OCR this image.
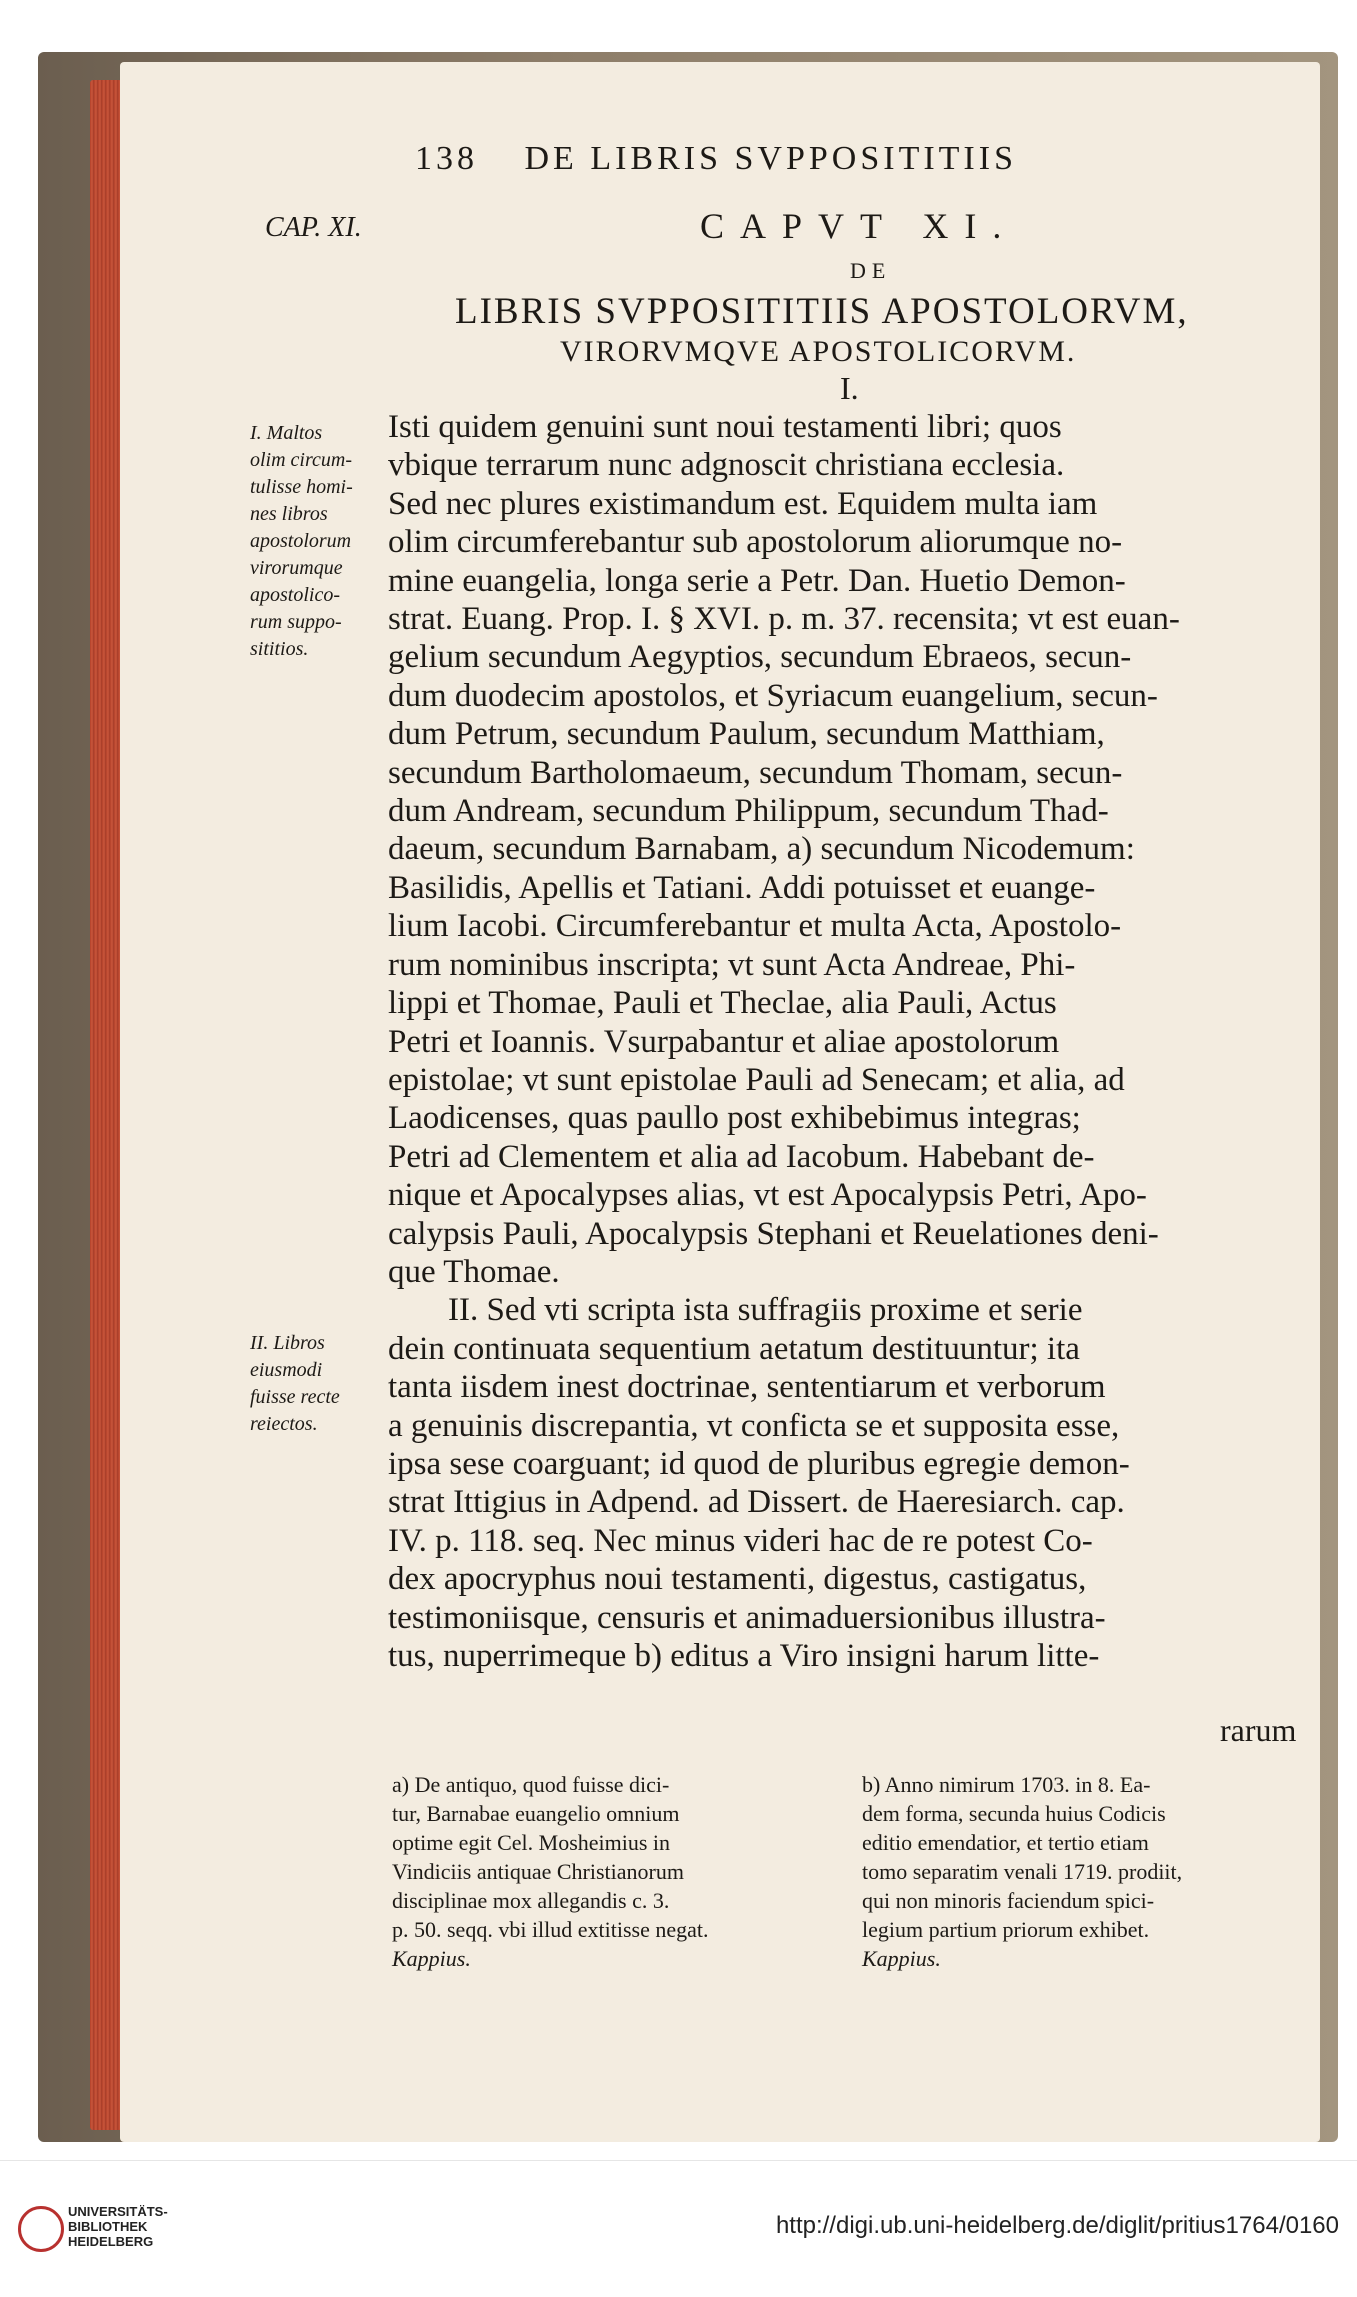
138 DE LIBRIS SVPPOSITITIIS
CAP. XI.	CAPVT XI.
DE
LIBRIS SVPPOSITITIIS APOSTOLORVM,
VIRORVMQVE APOSTOLICORVM.
I.
I. Maltos
olim circum-
tulisse homi-
nes libros
apostolorum
virorumque
apostolico-
rum suppo-
sititios.
II. Libros
eiusmodi
fuisse recte
reiectos.
Isti quidem genuini sunt noui testamenti libri; quos
vbique terrarum nunc adgnoscit christiana ecclesia.
Sed nec plures existimandum est. Equidem multa iam
olim circumferebantur sub apostolorum aliorumque no-
mine euangelia, longa serie a Petr. Dan. Huetio Demon-
strat. Euang. Prop. I. § XVI. p. m. 37. recensita; vt est euan-
gelium secundum Aegyptios, secundum Ebraeos, secun-
dum duodecim apostolos, et Syriacum euangelium, secun-
dum Petrum, secundum Paulum, secundum Matthiam,
secundum Bartholomaeum, secundum Thomam, secun-
dum Andream, secundum Philippum, secundum Thad-
daeum, secundum Barnabam, a) secundum Nicodemum:
Basilidis, Apellis et Tatiani. Addi potuisset et euange-
lium Iacobi. Circumferebantur et multa Acta, Apostolo-
rum nominibus inscripta; vt sunt Acta Andreae, Phi-
lippi et Thomae, Pauli et Theclae, alia Pauli, Actus
Petri et Ioannis. Vsurpabantur et aliae apostolorum
epistolae; vt sunt epistolae Pauli ad Senecam; et alia, ad
Laodicenses, quas paullo post exhibebimus integras;
Petri ad Clementem et alia ad Iacobum. Habebant de-
nique et Apocalypses alias, vt est Apocalypsis Petri, Apo-
calypsis Pauli, Apocalypsis Stephani et Reuelationes deni-
que Thomae.
II. Sed vti scripta ista suffragiis proxime et serie
dein continuata sequentium aetatum destituuntur; ita
tanta iisdem inest doctrinae, sententiarum et verborum
a genuinis discrepantia, vt conficta se et supposita esse,
ipsa sese coarguant; id quod de pluribus egregie demon-
strat Ittigius in Adpend. ad Dissert. de Haeresiarch. cap.
IV. p. 118. seq. Nec minus videri hac de re potest Co-
dex apocryphus noui testamenti, digestus, castigatus,
testimoniisque, censuris et animaduersionibus illustra-
tus, nuperrimeque b) editus a Viro insigni harum litte-
rarum
a) De antiquo, quod fuisse dici-
tur, Barnabae euangelio omnium
optime egit Cel. Mosheimius in
Vindiciis antiquae Christianorum
disciplinae mox allegandis c. 3.
p. 50. seqq. vbi illud extitisse negat.
Kappius.
b) Anno nimirum 1703. in 8. Ea-
dem forma, secunda huius Codicis
editio emendatior, et tertio etiam
tomo separatim venali 1719. prodiit,
qui non minoris faciendum spici-
legium partium priorum exhibet.
Kappius.
UNIVERSITÄTS-
BIBLIOTHEK
HEIDELBERG
http://digi.ub.uni-heidelberg.de/diglit/pritius1764/0160
